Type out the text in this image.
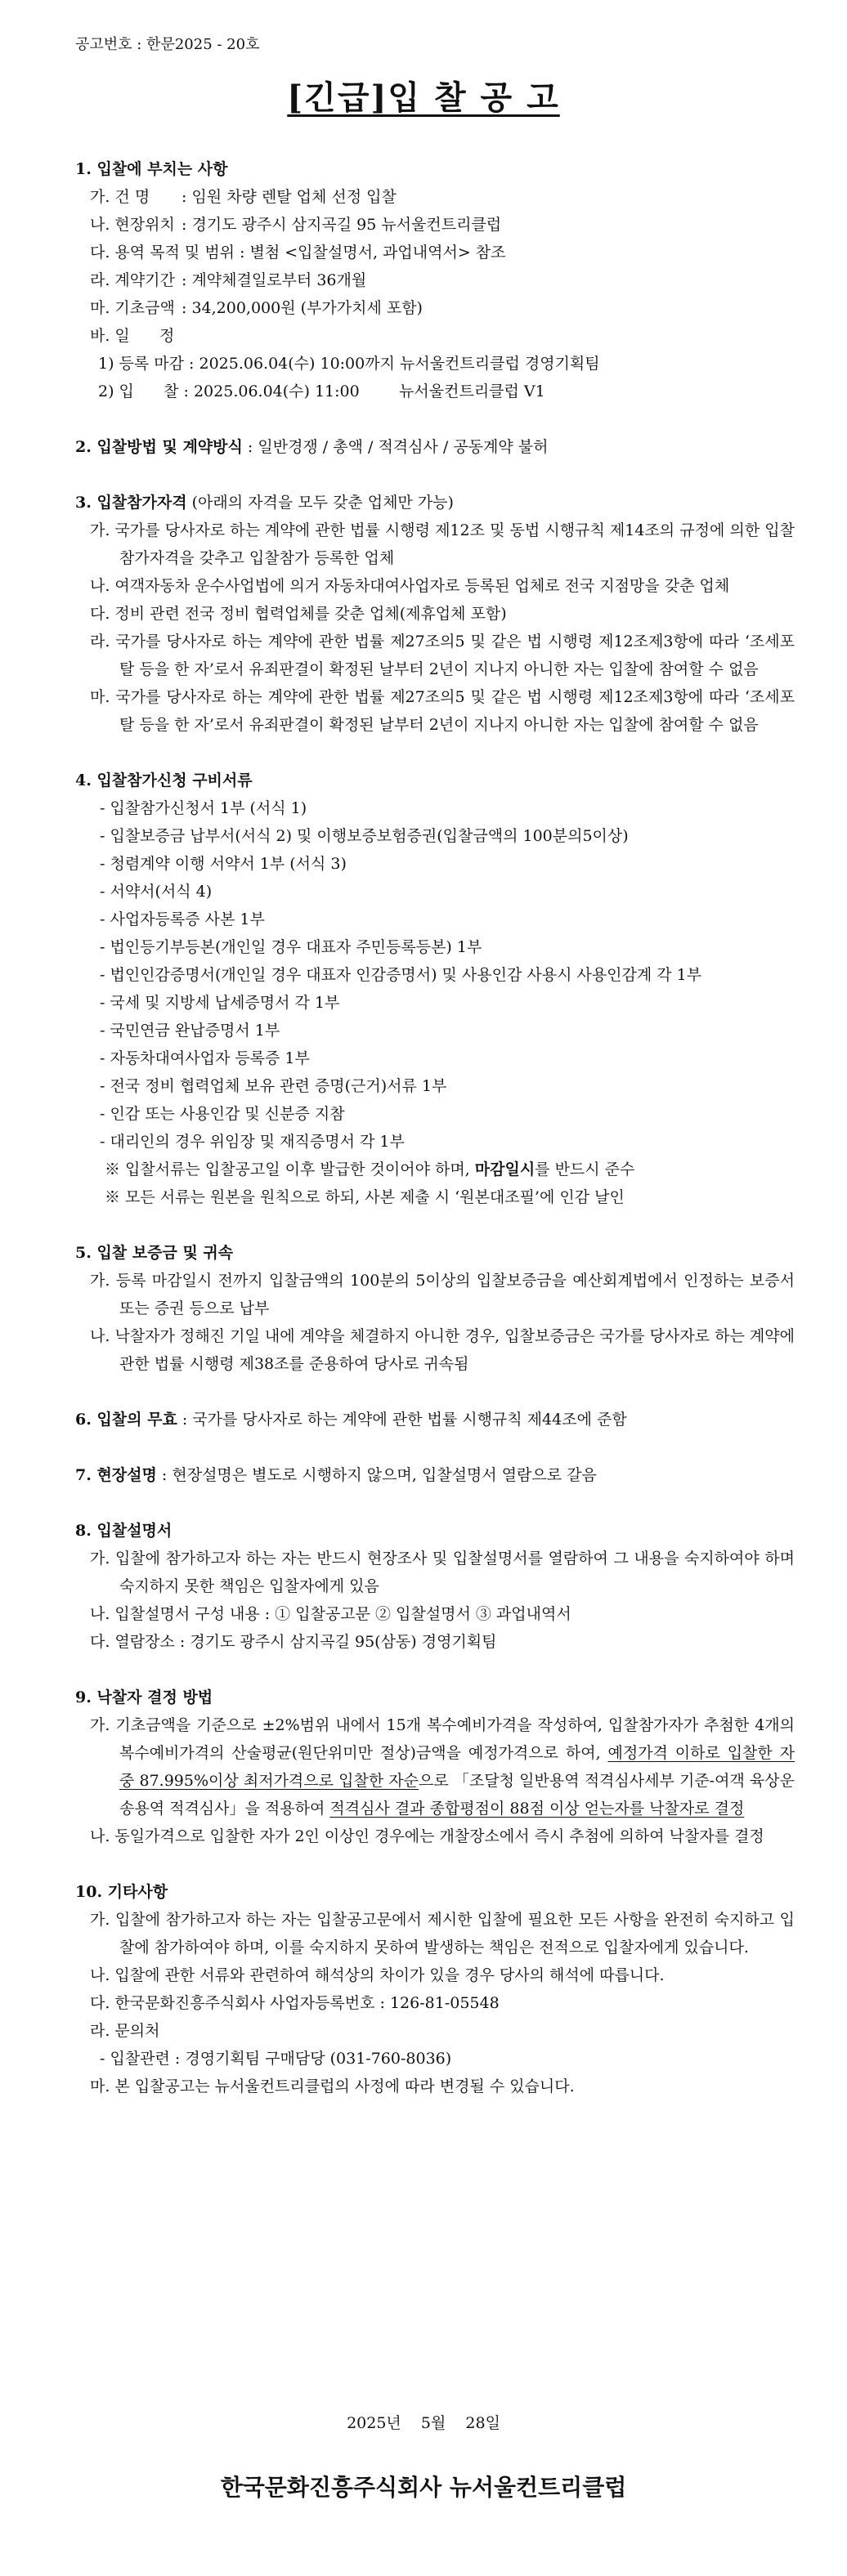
공고번호 : 한문2025 - 20호
[긴급]입 찰 공 고
1. 입찰에 부치는 사항
가. 건 명 : 임원 차량 렌탈 업체 선정 입찰
나. 현장위치 : 경기도 광주시 삼지곡길 95 뉴서울컨트리클럽
다. 용역 목적 및 범위 : 별첨 <입찰설명서, 과업내역서> 참조
라. 계약기간 : 계약체결일로부터 36개월
마. 기초금액 : 34,200,000원 (부가가치세 포함)
바. 일      정
1) 등록 마감 : 2025.06.04(수) 10:00까지 뉴서울컨트리클럽 경영기획팀
2) 입      찰 : 2025.06.04(수) 11:00        뉴서울컨트리클럽 V1
2. 입찰방법 및 계약방식 : 일반경쟁 / 총액 / 적격심사 / 공동계약 불허
3. 입찰참가자격 (아래의 자격을 모두 갖춘 업체만 가능)
가. 국가를 당사자로 하는 계약에 관한 법률 시행령 제12조 및 동법 시행규칙 제14조의 규정에 의한 입찰참가자격을 갖추고 입찰참가 등록한 업체
나. 여객자동차 운수사업법에 의거 자동차대여사업자로 등록된 업체로 전국 지점망을 갖춘 업체
다. 정비 관련 전국 정비 협력업체를 갖춘 업체(제휴업체 포함)
라. 국가를 당사자로 하는 계약에 관한 법률 제27조의5 및 같은 법 시행령 제12조제3항에 따라 ‘조세포탈 등을 한 자’로서 유죄판결이 확정된 날부터 2년이 지나지 아니한 자는 입찰에 참여할 수 없음
마. 국가를 당사자로 하는 계약에 관한 법률 제27조의5 및 같은 법 시행령 제12조제3항에 따라 ‘조세포탈 등을 한 자’로서 유죄판결이 확정된 날부터 2년이 지나지 아니한 자는 입찰에 참여할 수 없음
4. 입찰참가신청 구비서류
- 입찰참가신청서 1부 (서식 1)
- 입찰보증금 납부서(서식 2) 및 이행보증보험증권(입찰금액의 100분의5이상)
- 청렴계약 이행 서약서 1부 (서식 3)
- 서약서(서식 4)
- 사업자등록증 사본 1부
- 법인등기부등본(개인일 경우 대표자 주민등록등본) 1부
- 법인인감증명서(개인일 경우 대표자 인감증명서) 및 사용인감 사용시 사용인감계 각 1부
- 국세 및 지방세 납세증명서 각 1부
- 국민연금 완납증명서 1부
- 자동차대여사업자 등록증 1부
- 전국 정비 협력업체 보유 관련 증명(근거)서류 1부
- 인감 또는 사용인감 및 신분증 지참
- 대리인의 경우 위임장 및 재직증명서 각 1부
※ 입찰서류는 입찰공고일 이후 발급한 것이어야 하며, 마감일시를 반드시 준수
※ 모든 서류는 원본을 원칙으로 하되, 사본 제출 시 ‘원본대조필’에 인감 날인
5. 입찰 보증금 및 귀속
가. 등록 마감일시 전까지 입찰금액의 100분의 5이상의 입찰보증금을 예산회계법에서 인정하는 보증서 또는 증권 등으로 납부
나. 낙찰자가 정해진 기일 내에 계약을 체결하지 아니한 경우, 입찰보증금은 국가를 당사자로 하는 계약에 관한 법률 시행령 제38조를 준용하여 당사로 귀속됨
6. 입찰의 무효 : 국가를 당사자로 하는 계약에 관한 법률 시행규칙 제44조에 준함
7. 현장설명 : 현장설명은 별도로 시행하지 않으며, 입찰설명서 열람으로 갈음
8. 입찰설명서
가. 입찰에 참가하고자 하는 자는 반드시 현장조사 및 입찰설명서를 열람하여 그 내용을 숙지하여야 하며 숙지하지 못한 책임은 입찰자에게 있음
나. 입찰설명서 구성 내용 : ① 입찰공고문 ② 입찰설명서 ③ 과업내역서
다. 열람장소 : 경기도 광주시 삼지곡길 95(삼동) 경영기획팀
9. 낙찰자 결정 방법
가. 기초금액을 기준으로 ±2%범위 내에서 15개 복수예비가격을 작성하여, 입찰참가자가 추첨한 4개의 복수예비가격의 산술평균(원단위미만 절상)금액을 예정가격으로 하여, 예정가격 이하로 입찰한 자 중 87.995%이상 최저가격으로 입찰한 자순으로 「조달청 일반용역 적격심사세부 기준-여객 육상운송용역 적격심사」을 적용하여 적격심사 결과 종합평점이 88점 이상 얻는자를 낙찰자로 결정
나. 동일가격으로 입찰한 자가 2인 이상인 경우에는 개찰장소에서 즉시 추첨에 의하여 낙찰자를 결정
10. 기타사항
가. 입찰에 참가하고자 하는 자는 입찰공고문에서 제시한 입찰에 필요한 모든 사항을 완전히 숙지하고 입찰에 참가하여야 하며, 이를 숙지하지 못하여 발생하는 책임은 전적으로 입찰자에게 있습니다.
나. 입찰에 관한 서류와 관련하여 해석상의 차이가 있을 경우 당사의 해석에 따릅니다.
다. 한국문화진흥주식회사 사업자등록번호 : 126-81-05548
라. 문의처
- 입찰관련 : 경영기획팀 구매담당 (031-760-8036)
마. 본 입찰공고는 뉴서울컨트리클럽의 사정에 따라 변경될 수 있습니다.
2025년  5월  28일
한국문화진흥주식회사 뉴서울컨트리클럽
